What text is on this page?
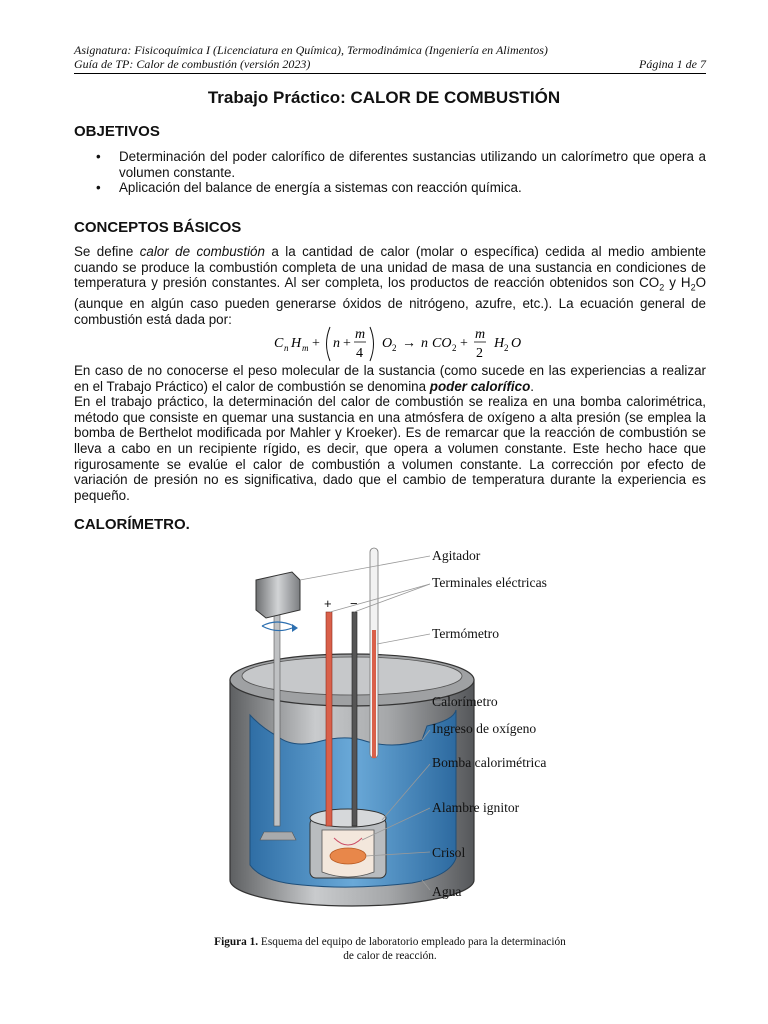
Asignatura: Fisicoquímica I (Licenciatura en Química), Termodinámica (Ingeniería en Alimentos)
Guía de TP: Calor de combustión (versión 2023)	Página 1 de 7
Trabajo Práctico: CALOR DE COMBUSTIÓN
OBJETIVOS
• Determinación del poder calorífico de diferentes sustancias utilizando un calorímetro que opera a volumen constante.
• Aplicación del balance de energía a sistemas con reacción química.
CONCEPTOS BÁSICOS

Se define calor de combustión a la cantidad de calor (molar o específica) cedida al medio ambiente cuando se produce la combustión completa de una unidad de masa de una sustancia en condiciones de temperatura y presión constantes. Al ser completa, los productos de reacción obtenidos son $CO_2$ y $H_2O$ (aunque en algún caso pueden generarse óxidos de nitrógeno, azufre, etc.). La ecuación general de combustión está dada por:

C n H m + n +
m
4
O 2 → n CO 2 +
m
2
H 2 O

En caso de no conocerse el peso molecular de la sustancia (como sucede en las experiencias a realizar en el Trabajo Práctico) el calor de combustión se denomina poder calorífico.

En el trabajo práctico, la determinación del calor de combustión se realiza en una bomba calorimétrica, método que consiste en quemar una sustancia en una atmósfera de oxígeno a alta presión (se emplea la bomba de Berthelot modificada por Mahler y Kroeker). Es de remarcar que la reacción de combustión se lleva a cabo en un recipiente rígido, es decir, que opera a volumen constante. Este hecho hace que rigurosamente se evalúe el calor de combustión a volumen constante. La corrección por efecto de variación de presión no es significativa, dado que el cambio de temperatura durante la experiencia es pequeño.

CALORÍMETRO.
+ −
Agitador
Terminales eléctricas
Termómetro
Calorímetro
Ingreso de oxígeno
Bomba calorimétrica
Alambre ignitor
Crisol
Agua
Figura 1. Esquema del equipo de laboratorio empleado para la determinación de calor de reacción.
